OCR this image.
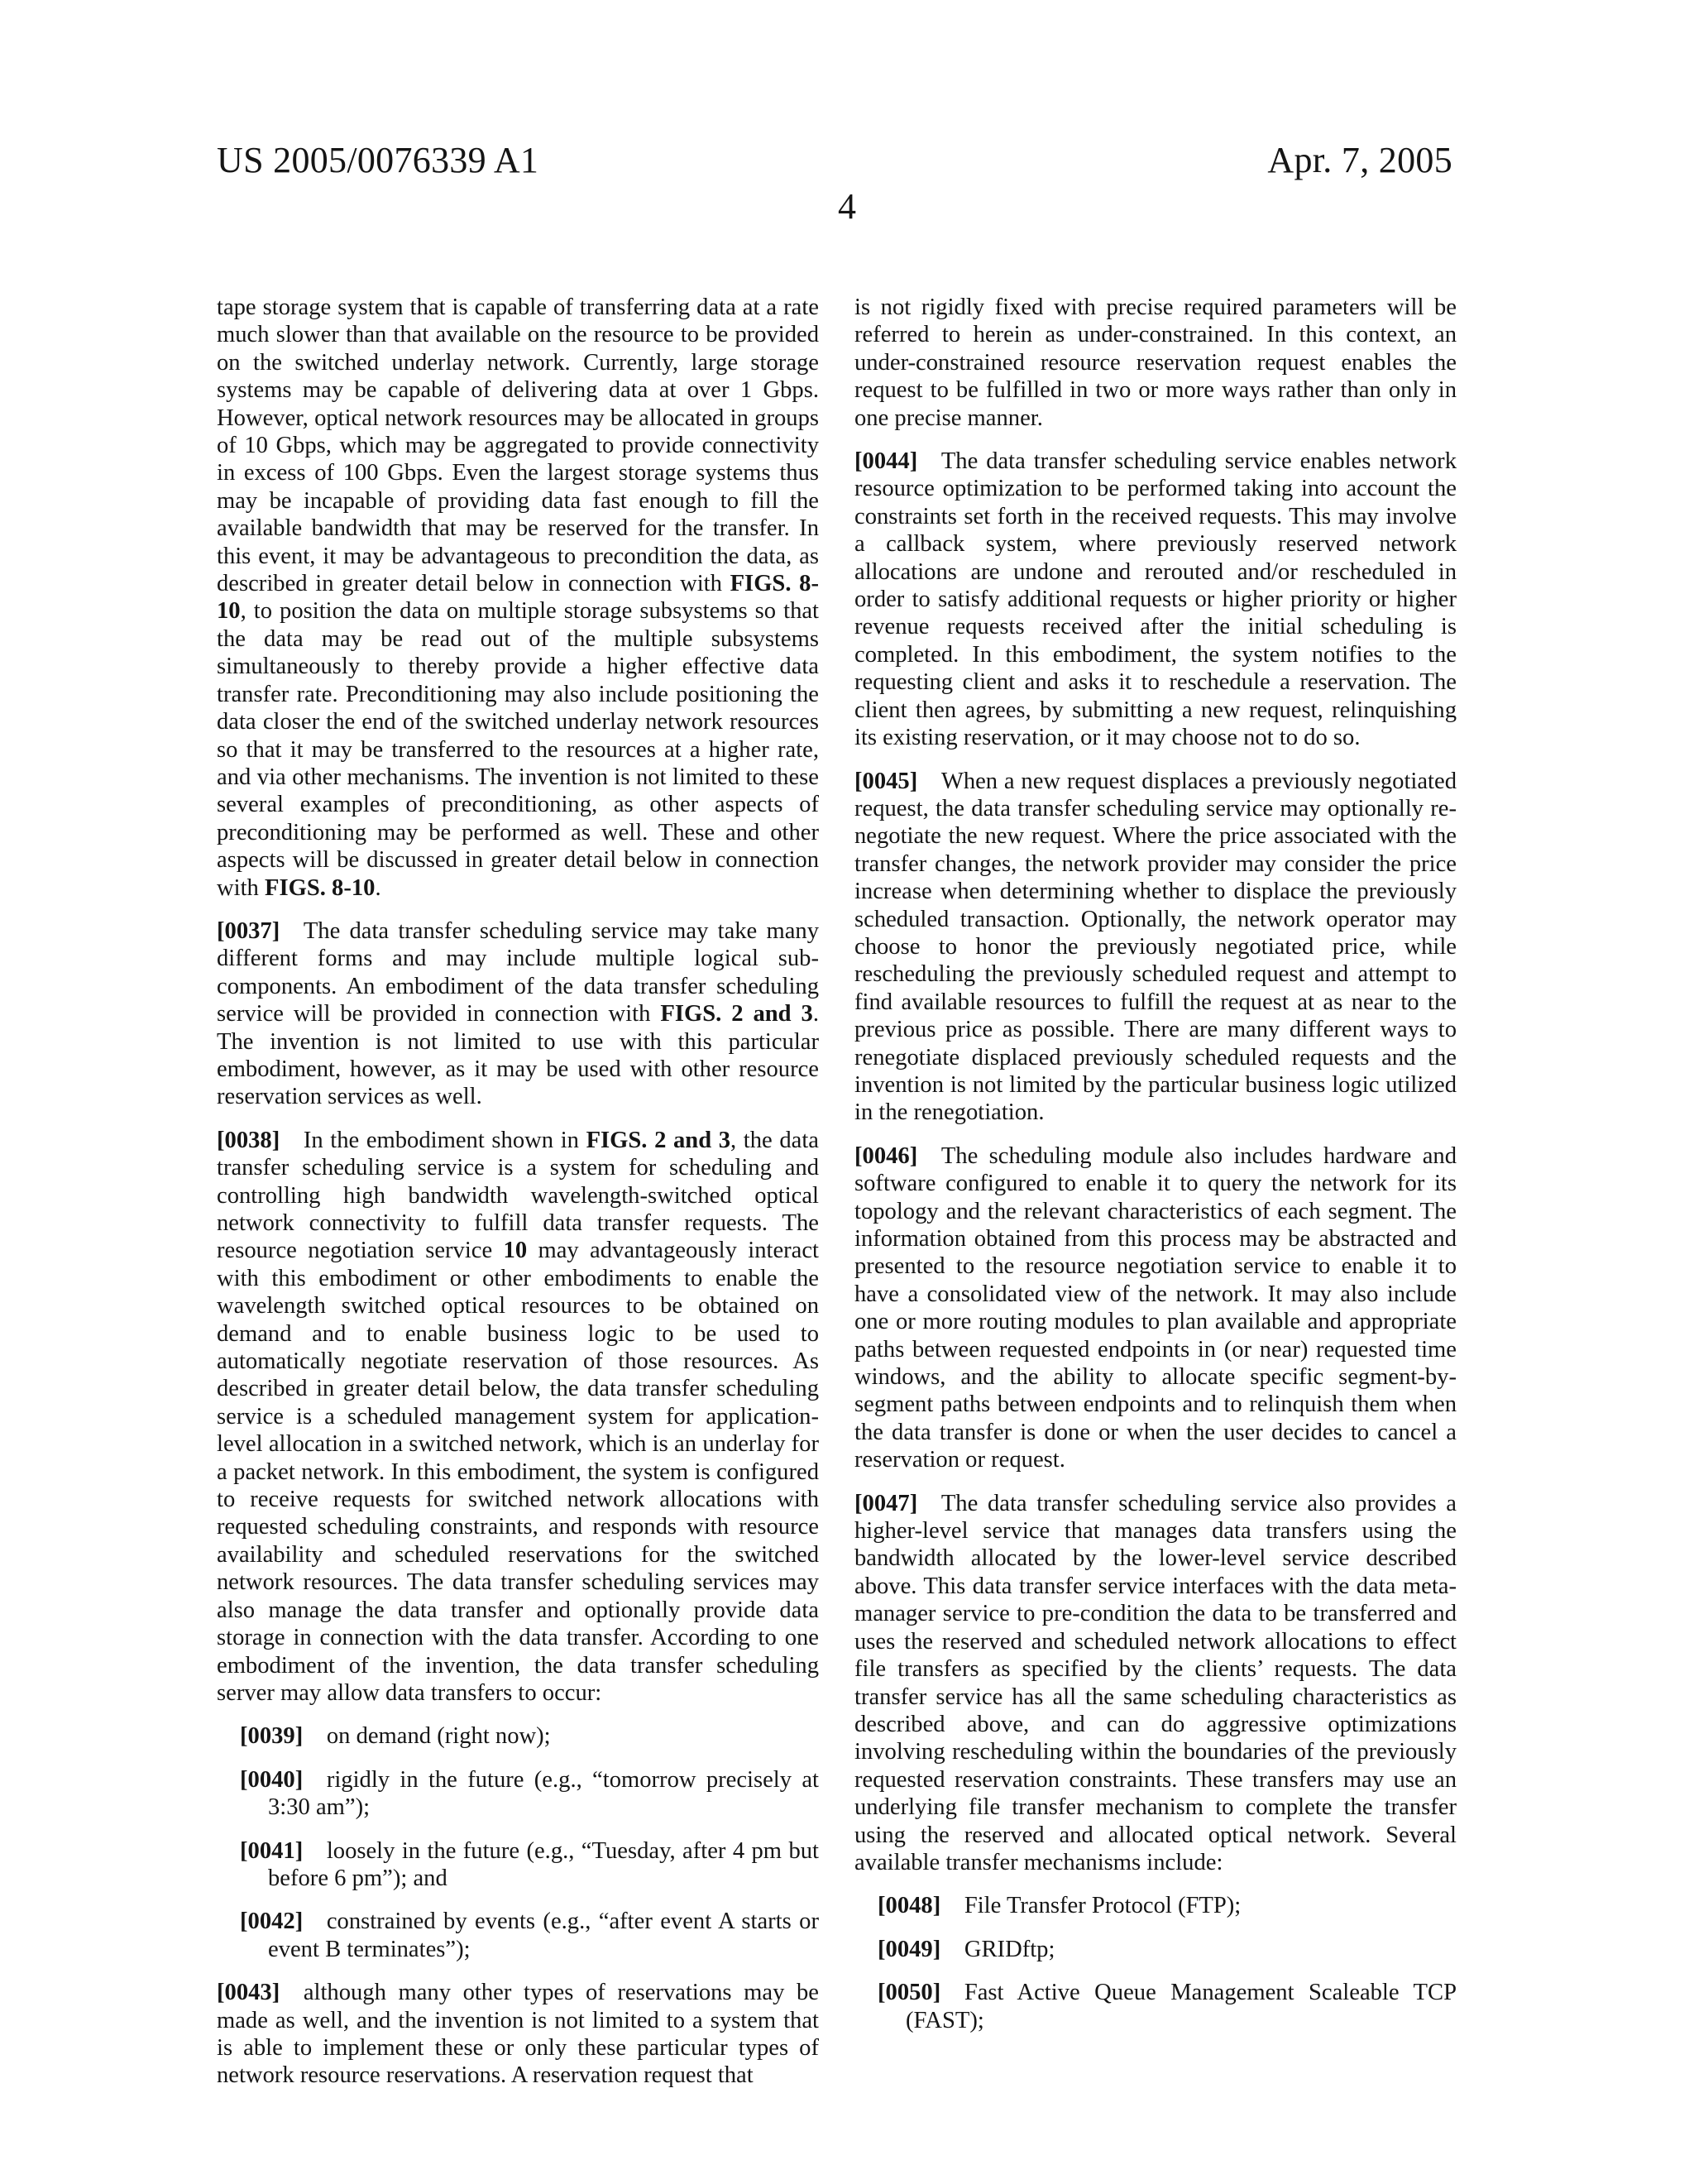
US 2005/0076339 A1	Apr. 7, 2005
4

tape storage system that is capable of transferring data at a rate much slower than that available on the resource to be provided on the switched underlay network. Currently, large storage systems may be capable of delivering data at over 1 Gbps. However, optical network resources may be allocated in groups of 10 Gbps, which may be aggregated to provide connectivity in excess of 100 Gbps. Even the largest storage systems thus may be incapable of providing data fast enough to fill the available bandwidth that may be reserved for the transfer. In this event, it may be advantageous to precondition the data, as described in greater detail below in connection with FIGS. 8-10, to position the data on multiple storage subsystems so that the data may be read out of the multiple subsystems simultaneously to thereby provide a higher effective data transfer rate. Preconditioning may also include positioning the data closer the end of the switched underlay network resources so that it may be transferred to the resources at a higher rate, and via other mechanisms. The invention is not limited to these several examples of preconditioning, as other aspects of preconditioning may be performed as well. These and other aspects will be discussed in greater detail below in connection with FIGS. 8-10.

[0037]  The data transfer scheduling service may take many different forms and may include multiple logical sub-components. An embodiment of the data transfer scheduling service will be provided in connection with FIGS. 2 and 3. The invention is not limited to use with this particular embodiment, however, as it may be used with other resource reservation services as well.

[0038]  In the embodiment shown in FIGS. 2 and 3, the data transfer scheduling service is a system for scheduling and controlling high bandwidth wavelength-switched optical network connectivity to fulfill data transfer requests. The resource negotiation service 10 may advantageously interact with this embodiment or other embodiments to enable the wavelength switched optical resources to be obtained on demand and to enable business logic to be used to automatically negotiate reservation of those resources. As described in greater detail below, the data transfer scheduling service is a scheduled management system for application-level allocation in a switched network, which is an underlay for a packet network. In this embodiment, the system is configured to receive requests for switched network allocations with requested scheduling constraints, and responds with resource availability and scheduled reservations for the switched network resources. The data transfer scheduling services may also manage the data transfer and optionally provide data storage in connection with the data transfer. According to one embodiment of the invention, the data transfer scheduling server may allow data transfers to occur:

[0039]  on demand (right now);

[0040]  rigidly in the future (e.g., “tomorrow precisely at 3:30 am”);

[0041]  loosely in the future (e.g., “Tuesday, after 4 pm but before 6 pm”); and

[0042]  constrained by events (e.g., “after event A starts or event B terminates”);

[0043]  although many other types of reservations may be made as well, and the invention is not limited to a system that is able to implement these or only these particular types of network resource reservations. A reservation request that

is not rigidly fixed with precise required parameters will be referred to herein as under-constrained. In this context, an under-constrained resource reservation request enables the request to be fulfilled in two or more ways rather than only in one precise manner.

[0044]  The data transfer scheduling service enables network resource optimization to be performed taking into account the constraints set forth in the received requests. This may involve a callback system, where previously reserved network allocations are undone and rerouted and/or rescheduled in order to satisfy additional requests or higher priority or higher revenue requests received after the initial scheduling is completed. In this embodiment, the system notifies to the requesting client and asks it to reschedule a reservation. The client then agrees, by submitting a new request, relinquishing its existing reservation, or it may choose not to do so.

[0045]  When a new request displaces a previously negotiated request, the data transfer scheduling service may optionally re-negotiate the new request. Where the price associated with the transfer changes, the network provider may consider the price increase when determining whether to displace the previously scheduled transaction. Optionally, the network operator may choose to honor the previously negotiated price, while rescheduling the previously scheduled request and attempt to find available resources to fulfill the request at as near to the previous price as possible. There are many different ways to renegotiate displaced previously scheduled requests and the invention is not limited by the particular business logic utilized in the renegotiation.

[0046]  The scheduling module also includes hardware and software configured to enable it to query the network for its topology and the relevant characteristics of each segment. The information obtained from this process may be abstracted and presented to the resource negotiation service to enable it to have a consolidated view of the network. It may also include one or more routing modules to plan available and appropriate paths between requested endpoints in (or near) requested time windows, and the ability to allocate specific segment-by-segment paths between endpoints and to relinquish them when the data transfer is done or when the user decides to cancel a reservation or request.

[0047]  The data transfer scheduling service also provides a higher-level service that manages data transfers using the bandwidth allocated by the lower-level service described above. This data transfer service interfaces with the data meta-manager service to pre-condition the data to be transferred and uses the reserved and scheduled network allocations to effect file transfers as specified by the clients’ requests. The data transfer service has all the same scheduling characteristics as described above, and can do aggressive optimizations involving rescheduling within the boundaries of the previously requested reservation constraints. These transfers may use an underlying file transfer mechanism to complete the transfer using the reserved and allocated optical network. Several available transfer mechanisms include:

[0048]  File Transfer Protocol (FTP);

[0049]  GRIDftp;

[0050]  Fast Active Queue Management Scaleable TCP (FAST);
